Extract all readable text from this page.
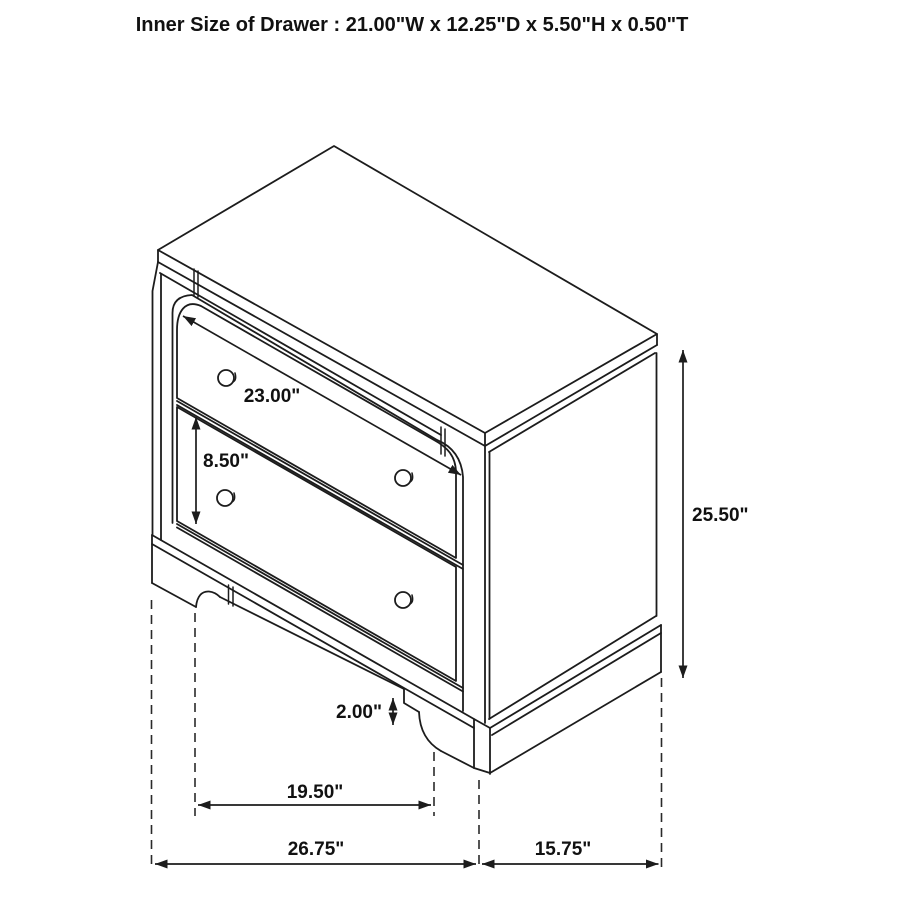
Inner Size of Drawer : 21.00"W x 12.25"D x 5.50"H x 0.50"T
23.00"
8.50"
25.50"
2.00"
19.50"
26.75"	15.75"
